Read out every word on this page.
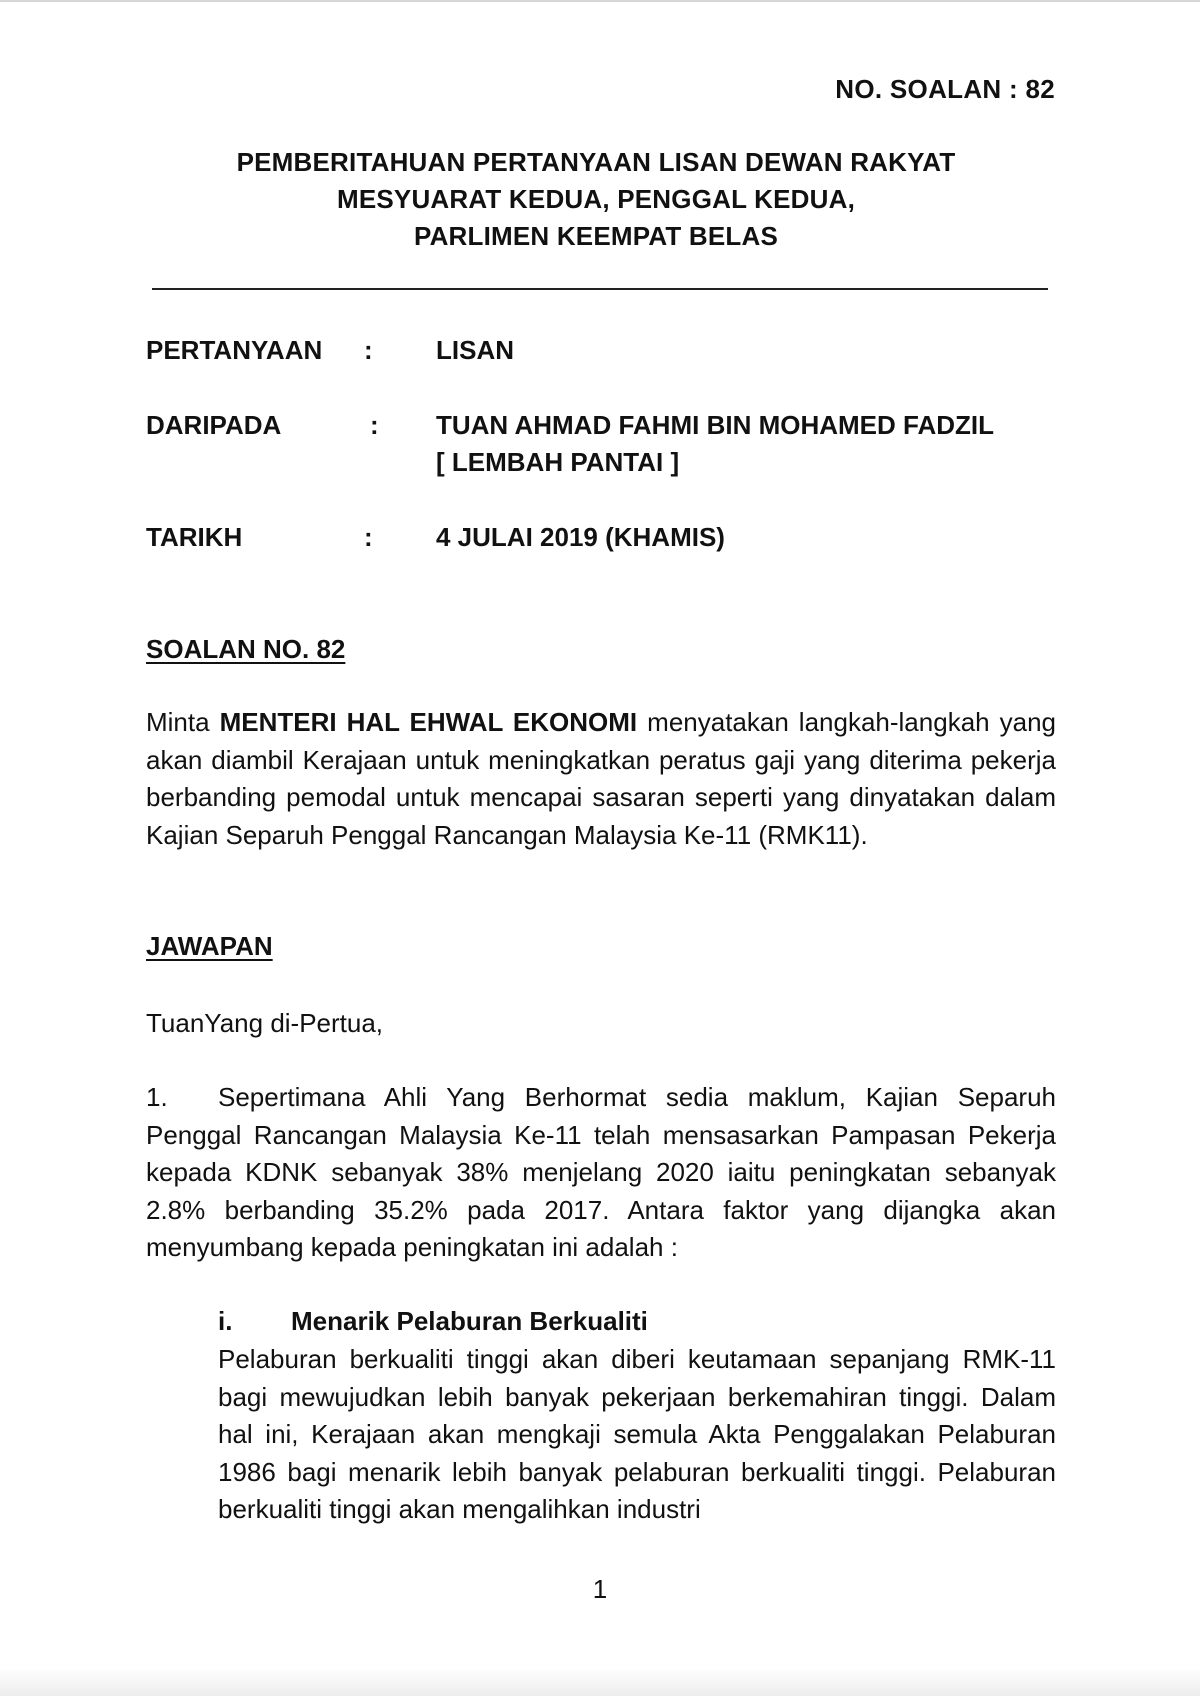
NO. SOALAN : 82
PEMBERITAHUAN PERTANYAAN LISAN DEWAN RAKYAT
MESYUARAT KEDUA, PENGGAL KEDUA,
PARLIMEN KEEMPAT BELAS
PERTANYAAN : LISAN
DARIPADA	: TUAN AHMAD FAHMI BIN MOHAMED FADZIL
[ LEMBAH PANTAI ]
TARIKH	: 4 JULAI 2019 (KHAMIS)
SOALAN NO. 82
Minta MENTERI HAL EHWAL EKONOMI menyatakan langkah-langkah yang akan diambil Kerajaan untuk meningkatkan peratus gaji yang diterima pekerja berbanding pemodal untuk mencapai sasaran seperti yang dinyatakan dalam Kajian Separuh Penggal Rancangan Malaysia Ke-11 (RMK11).
JAWAPAN
TuanYang di-Pertua,
1. Sepertimana Ahli Yang Berhormat sedia maklum, Kajian Separuh Penggal Rancangan Malaysia Ke-11 telah mensasarkan Pampasan Pekerja kepada KDNK sebanyak 38% menjelang 2020 iaitu peningkatan sebanyak 2.8% berbanding 35.2% pada 2017. Antara faktor yang dijangka akan menyumbang kepada peningkatan ini adalah :
i. Menarik Pelaburan Berkualiti
Pelaburan berkualiti tinggi akan diberi keutamaan sepanjang RMK-11 bagi mewujudkan lebih banyak pekerjaan berkemahiran tinggi. Dalam hal ini, Kerajaan akan mengkaji semula Akta Penggalakan Pelaburan 1986 bagi menarik lebih banyak pelaburan berkualiti tinggi. Pelaburan berkualiti tinggi akan mengalihkan industri
1
